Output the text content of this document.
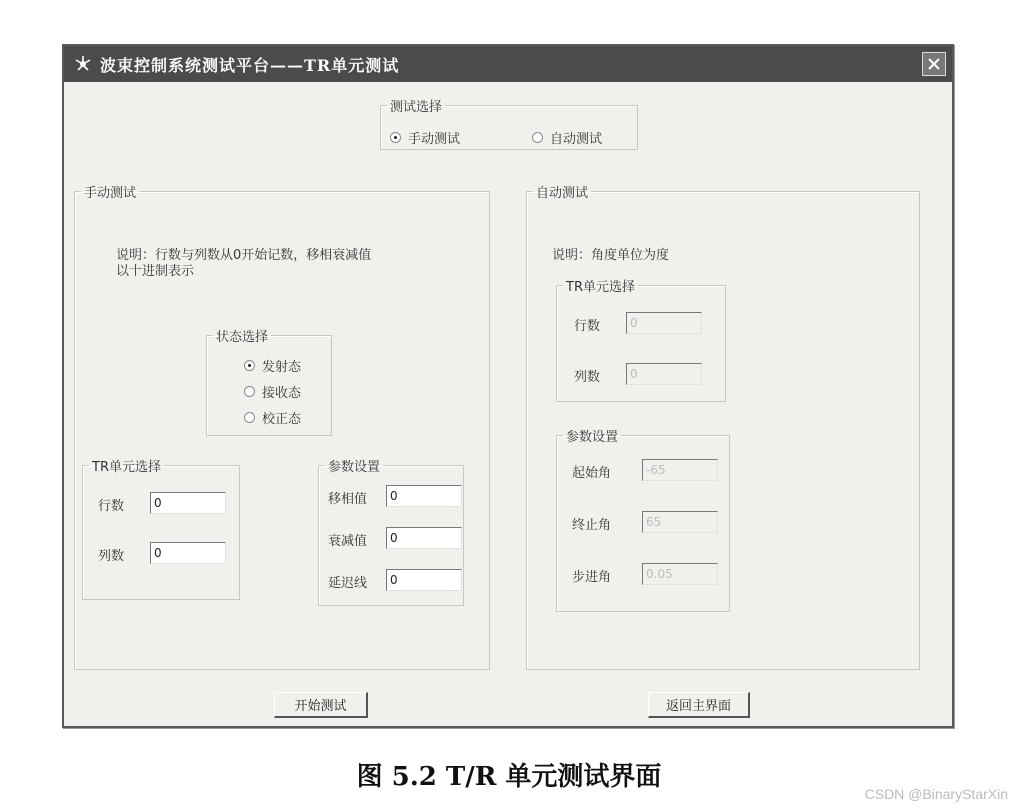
波束控制系统测试平台——TR单元测试
测试选择
手动测试	自动测试
手动测试
说明：行数与列数从0开始记数，移相衰减值
以十进制表示
状态选择
发射态
接收态
校正态
TR单元选择
行数
0
列数
0
参数设置
移相值
0
衰减值
0
延迟线
0
自动测试
说明：角度单位为度
TR单元选择
行数
0
列数
0
参数设置
起始角
-65
终止角
65
步进角
0.05
开始测试	返回主界面
图 5.2 T/R 单元测试界面
CSDN @BinaryStarXin
